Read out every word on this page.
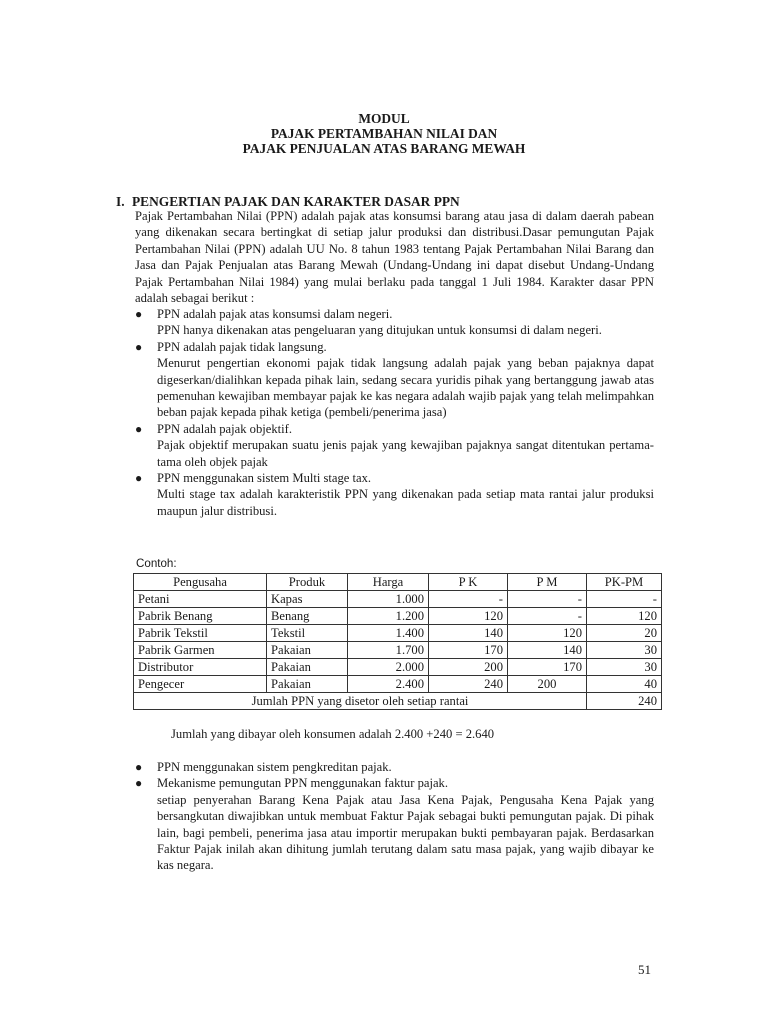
MODUL
PAJAK PERTAMBAHAN NILAI DAN
PAJAK PENJUALAN ATAS BARANG MEWAH
I. PENGERTIAN PAJAK DAN KARAKTER DASAR PPN
Pajak Pertambahan Nilai (PPN) adalah pajak atas konsumsi barang atau jasa di dalam daerah pabean yang dikenakan secara bertingkat di setiap jalur produksi dan distribusi.Dasar pemungutan Pajak Pertambahan Nilai (PPN) adalah UU No. 8 tahun 1983 tentang Pajak Pertambahan Nilai Barang dan Jasa dan Pajak Penjualan atas Barang Mewah (Undang-Undang ini dapat disebut Undang-Undang Pajak Pertambahan Nilai 1984) yang mulai berlaku pada tanggal 1 Juli 1984. Karakter dasar PPN adalah sebagai berikut :
● PPN adalah pajak atas konsumsi dalam negeri.
PPN hanya dikenakan atas pengeluaran yang ditujukan untuk konsumsi di dalam negeri.
● PPN adalah pajak tidak langsung.
Menurut pengertian ekonomi pajak tidak langsung adalah pajak yang beban pajaknya dapat digeserkan/dialihkan kepada pihak lain, sedang secara yuridis pihak yang bertanggung jawab atas pemenuhan kewajiban membayar pajak ke kas negara adalah wajib pajak yang telah melimpahkan beban pajak kepada pihak ketiga (pembeli/penerima jasa)
● PPN adalah pajak objektif.
Pajak objektif merupakan suatu jenis pajak yang kewajiban pajaknya sangat ditentukan pertama-tama oleh objek pajak
● PPN menggunakan sistem Multi stage tax.
Multi stage tax adalah karakteristik PPN yang dikenakan pada setiap mata rantai jalur produksi maupun jalur distribusi.
Contoh:
Pengusaha	Produk	Harga	P K	P M	PK-PM
Petani	Kapas	1.000	-	-	-
Pabrik Benang	Benang	1.200	120	-	120
Pabrik Tekstil	Tekstil	1.400	140	120	20
Pabrik Garmen	Pakaian	1.700	170	140	30
Distributor	Pakaian	2.000	200	170	30
Pengecer	Pakaian	2.400	240	200	40
Jumlah PPN yang disetor oleh setiap rantai					240
Jumlah yang dibayar oleh konsumen adalah 2.400 +240 = 2.640
● PPN menggunakan sistem pengkreditan pajak.
● Mekanisme pemungutan PPN menggunakan faktur pajak.
setiap penyerahan Barang Kena Pajak atau Jasa Kena Pajak, Pengusaha Kena Pajak yang bersangkutan diwajibkan untuk membuat Faktur Pajak sebagai bukti pemungutan pajak. Di pihak lain, bagi pembeli, penerima jasa atau importir merupakan bukti pembayaran pajak. Berdasarkan Faktur Pajak inilah akan dihitung jumlah terutang dalam satu masa pajak, yang wajib dibayar ke kas negara.
51
